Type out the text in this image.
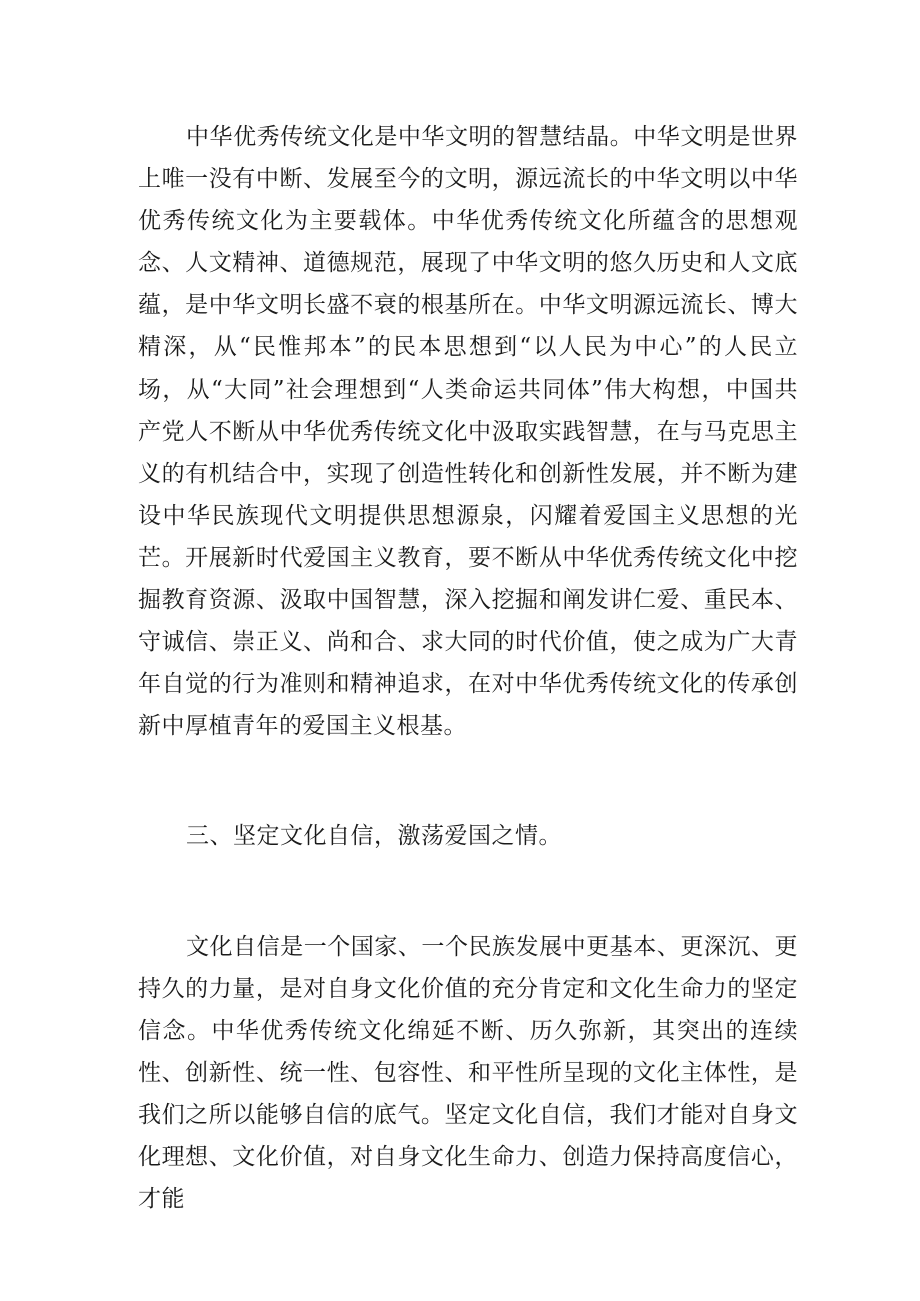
中华优秀传统文化是中华文明的智慧结晶。中华文明是世界上唯一没有中断、发展至今的文明，源远流长的中华文明以中华优秀传统文化为主要载体。中华优秀传统文化所蕴含的思想观念、人文精神、道德规范，展现了中华文明的悠久历史和人文底蕴，是中华文明长盛不衰的根基所在。中华文明源远流长、博大精深，从“民惟邦本”的民本思想到“以人民为中心”的人民立场，从“大同”社会理想到“人类命运共同体”伟大构想，中国共产党人不断从中华优秀传统文化中汲取实践智慧，在与马克思主义的有机结合中，实现了创造性转化和创新性发展，并不断为建设中华民族现代文明提供思想源泉，闪耀着爱国主义思想的光芒。开展新时代爱国主义教育，要不断从中华优秀传统文化中挖掘教育资源、汲取中国智慧，深入挖掘和阐发讲仁爱、重民本、守诚信、崇正义、尚和合、求大同的时代价值，使之成为广大青年自觉的行为准则和精神追求，在对中华优秀传统文化的传承创新中厚植青年的爱国主义根基。

三、坚定文化自信，激荡爱国之情。

文化自信是一个国家、一个民族发展中更基本、更深沉、更持久的力量，是对自身文化价值的充分肯定和文化生命力的坚定信念。中华优秀传统文化绵延不断、历久弥新，其突出的连续性、创新性、统一性、包容性、和平性所呈现的文化主体性，是我们之所以能够自信的底气。坚定文化自信，我们才能对自身文化理想、文化价值，对自身文化生命力、创造力保持高度信心，才能
